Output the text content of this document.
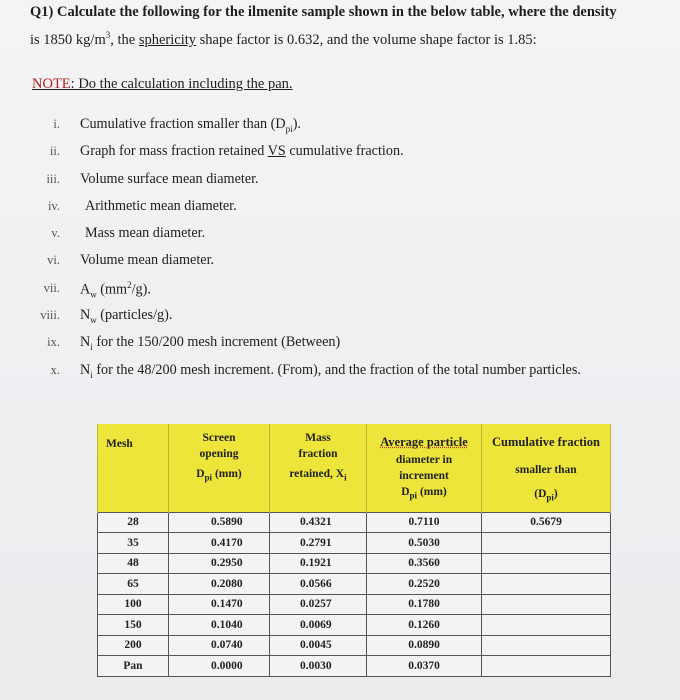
Q1) Calculate the following for the ilmenite sample shown in the below table, where the density
is 1850 $kg/m^3$, the sphericity shape factor is 0.632, and the volume shape factor is 1.85:
NOTE: Do the calculation including the pan.
i. Cumulative fraction smaller than $(D_{pi})$.
ii. Graph for mass fraction retained VS cumulative fraction.
iii. Volume surface mean diameter.
iv. Arithmetic mean diameter.
v. Mass mean diameter.
vi. Volume mean diameter.
vii. $A_w$ $(mm^2/g)$.
viii. $N_w$ (particles/g).
ix. $N_i$ for the 150/200 mesh increment (Between)
x. $N_i$ for the 48/200 mesh increment. (From), and the fraction of the total number particles.
Mesh	Screen
opening
$D_{pi}$ (mm)	Mass
fraction
retained, $X_i$	Average particle
diameter in
increment
$D_{pi}$ (mm)	Cumulative fraction
smaller than
$(D_{pi})$

28	0.5890	0.4321	0.7110	0.5679
35	0.4170	0.2791	0.5030	
48	0.2950	0.1921	0.3560	
65	0.2080	0.0566	0.2520	
100	0.1470	0.0257	0.1780	
150	0.1040	0.0069	0.1260	
200	0.0740	0.0045	0.0890	
Pan	0.0000	0.0030	0.0370	
